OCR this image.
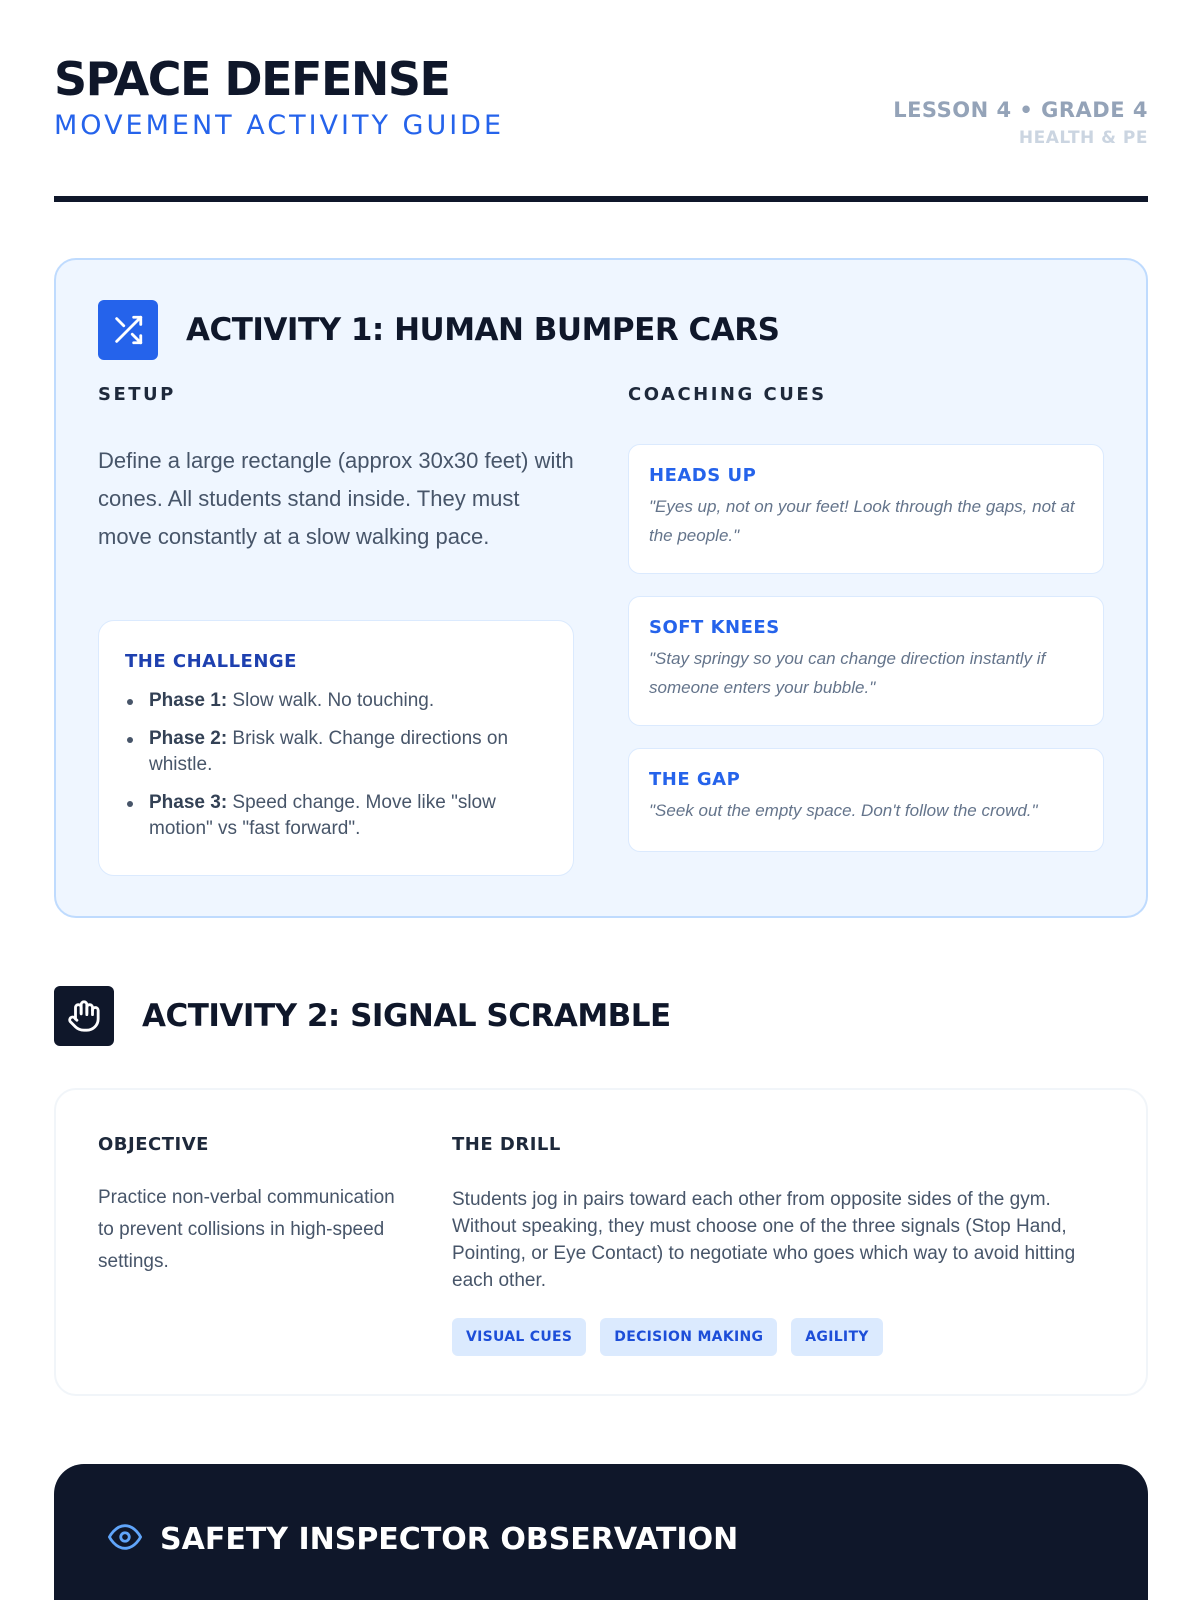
SPACE DEFENSE
MOVEMENT ACTIVITY GUIDE	LESSON 4 • GRADE 4
HEALTH & PE
ACTIVITY 1: HUMAN BUMPER CARS
SETUP
Define a large rectangle (approx 30x30 feet) with cones. All students stand inside. They must move constantly at a slow walking pace.
THE CHALLENGE
Phase 1: Slow walk. No touching.
Phase 2: Brisk walk. Change directions on whistle.
Phase 3: Speed change. Move like "slow motion" vs "fast forward".
COACHING CUES
HEADS UP
"Eyes up, not on your feet! Look through the gaps, not at the people."
SOFT KNEES
"Stay springy so you can change direction instantly if someone enters your bubble."
THE GAP
"Seek out the empty space. Don't follow the crowd."
ACTIVITY 2: SIGNAL SCRAMBLE
OBJECTIVE
Practice non-verbal communication to prevent collisions in high-speed settings.
THE DRILL
Students jog in pairs toward each other from opposite sides of the gym. Without speaking, they must choose one of the three signals (Stop Hand, Pointing, or Eye Contact) to negotiate who goes which way to avoid hitting each other.
VISUAL CUES	DECISION MAKING	AGILITY
SAFETY INSPECTOR OBSERVATION
